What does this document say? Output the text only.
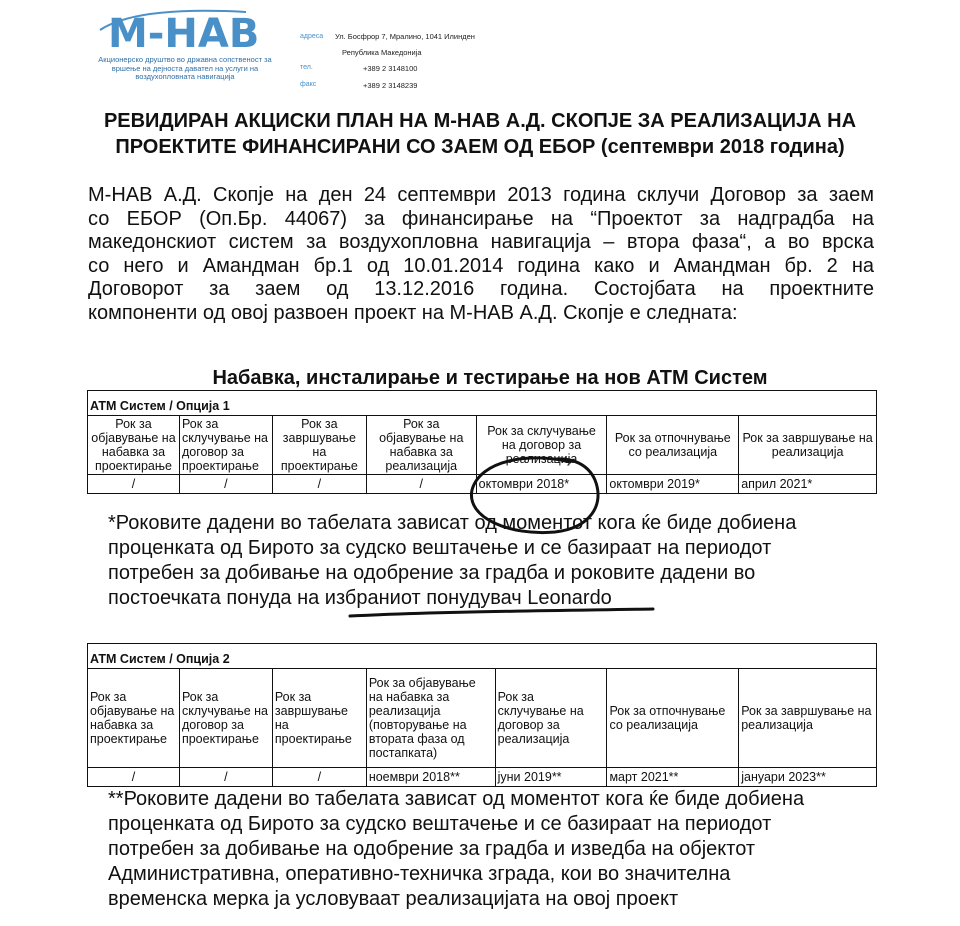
M-НАВ
Акционерско друштво во државна сопственост за вршење на дејноста давател на услуги на воздухопловната навигација
адреса Ул. Босфрор 7, Мралино, 1041 Илинден
Република Македонија
тел.	+389 2 3148100
факс	+389 2 3148239
РЕВИДИРАН АКЦИСКИ ПЛАН НА М-НАВ А.Д. СКОПЈЕ ЗА РЕАЛИЗАЦИЈА НА ПРОЕКТИТЕ ФИНАНСИРАНИ СО ЗАЕМ ОД ЕБОР (септември 2018 година)
М-НАВ А.Д. Скопје на ден 24 септември 2013 година склучи Договор за заем
со ЕБОР (Оп.Бр. 44067) за финансирање на “Проектот за надградба на
македонскиот систем за воздухопловна навигација – втора фаза“, а во врска
со него и Амандман бр.1 од 10.01.2014 година како и Амандман бр. 2 на
Договорот за заем од 13.12.2016 година. Состојбата на проектните
компоненти од овој развоен проект на М-НАВ А.Д. Скопје е следната:
Набавка, инсталирање и тестирање на нов АТМ Систем
АТМ Систем / Опција 1						
Рок за објавување на набавка за проектирање	Рок за склучување на договор за проектирање	Рок за завршување на проектирање	Рок за објавување на набавка за реализација	Рок за склучување на договор за реализација	Рок за отпочнување со реализација	Рок за завршување на реализација
/	/	/	/	октомври 2018*	октомври 2019*	април 2021*
*Роковите дадени во табелата зависат од моментот кога ќе биде добиена
проценката од Бирото за судско вештачење и се базираат на периодот
потребен за добивање на одобрение за градба и роковите дадени во
постоечката понуда на избраниот понудувач Leonardo
АТМ Систем / Опција 2						
Рок за објавување на набавка за проектирање	Рок за склучување на договор за проектирање	Рок за завршување на проектирање	Рок за објавување на набавка за реализација (повторување на втората фаза од постапката)	Рок за склучување на договор за реализација	Рок за отпочнување со реализација	Рок за завршување на реализација
/	/	/	ноември 2018**	јуни 2019**	март 2021**	јануари 2023**
**Роковите дадени во табелата зависат од моментот кога ќе биде добиена
проценката од Бирото за судско вештачење и се базираат на периодот
потребен за добивање на одобрение за градба и изведба на објектот
Административна, оперативно-техничка зграда, кои во значителна
временска мерка ја условуваат реализацијата на овој проект
